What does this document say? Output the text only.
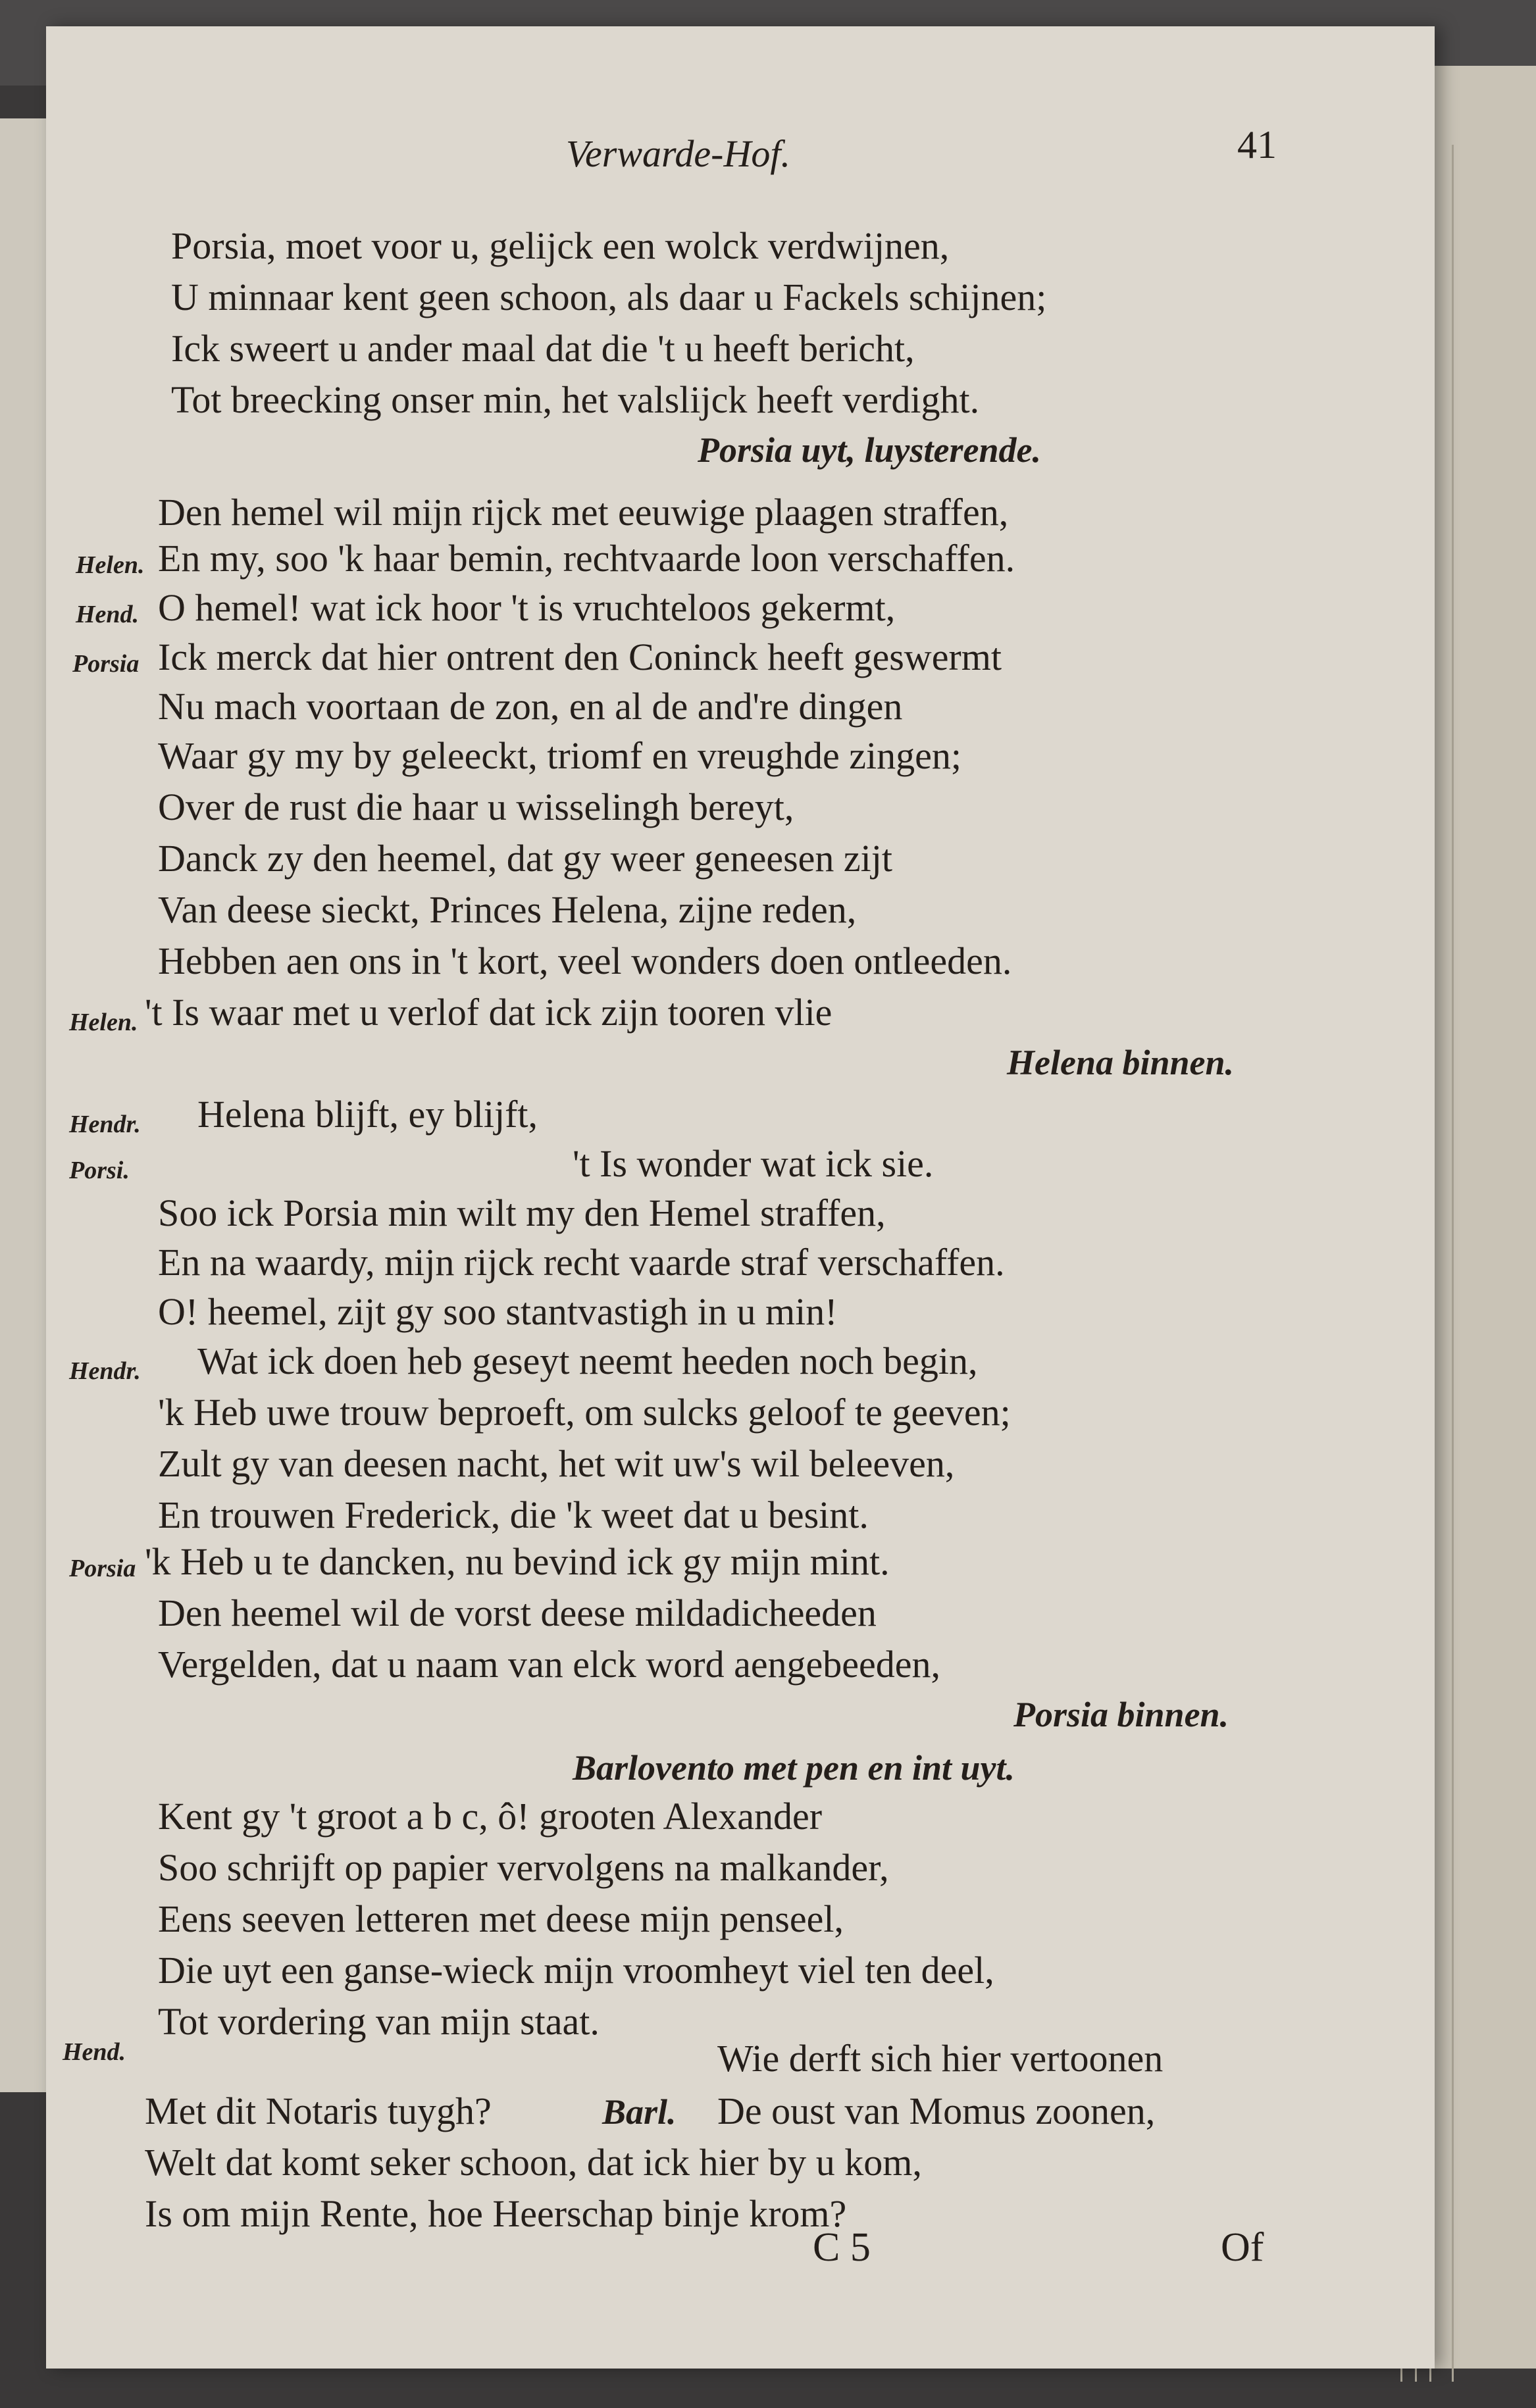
Verwarde-Hof.	41
Porsia, moet voor u, gelijck een wolck verdwijnen,
U minnaar kent geen schoon, als daar u Fackels schijnen;
Ick sweert u ander maal dat die 't u heeft bericht,
Tot breecking onser min, het valslijck heeft verdight.
Porsia uyt, luysterende.
Den hemel wil mijn rijck met eeuwige plaagen straffen,
Helen. En my, soo 'k haar bemin, rechtvaarde loon verschaffen.
Hend. O hemel! wat ick hoor 't is vruchteloos gekermt,
Porsia Ick merck dat hier ontrent den Coninck heeft geswermt
Nu mach voortaan de zon, en al de and're dingen
Waar gy my by geleeckt, triomf en vreughde zingen;
Over de rust die haar u wisselingh bereyt,
Danck zy den heemel, dat gy weer geneesen zijt
Van deese sieckt, Princes Helena, zijne reden,
Hebben aen ons in 't kort, veel wonders doen ontleeden.
Helen. 't Is waar met u verlof dat ick zijn tooren vlie
Helena binnen.
Hendr. Helena blijft, ey blijft,
Porsi.	't Is wonder wat ick sie.
Soo ick Porsia min wilt my den Hemel straffen,
En na waardy, mijn rijck recht vaarde straf verschaffen.
O! heemel, zijt gy soo stantvastigh in u min!
Hendr. Wat ick doen heb geseyt neemt heeden noch begin,
'k Heb uwe trouw beproeft, om sulcks geloof te geeven;
Zult gy van deesen nacht, het wit uw's wil beleeven,
En trouwen Frederick, die 'k weet dat u besint.
Porsia 'k Heb u te dancken, nu bevind ick gy mijn mint.
Den heemel wil de vorst deese mildadicheeden
Vergelden, dat u naam van elck word aengebeeden,
Porsia binnen.
Barlovento met pen en int uyt.
Kent gy 't groot a b c, ô! grooten Alexander
Soo schrijft op papier vervolgens na malkander,
Eens seeven letteren met deese mijn penseel,
Die uyt een ganse-wieck mijn vroomheyt viel ten deel,
Tot vordering van mijn staat.
Hend.	Wie derft sich hier vertoonen
Met dit Notaris tuygh?	Barl. De oust van Momus zoonen,
Welt dat komt seker schoon, dat ick hier by u kom,
Is om mijn Rente, hoe Heerschap binje krom?
C 5	Of
